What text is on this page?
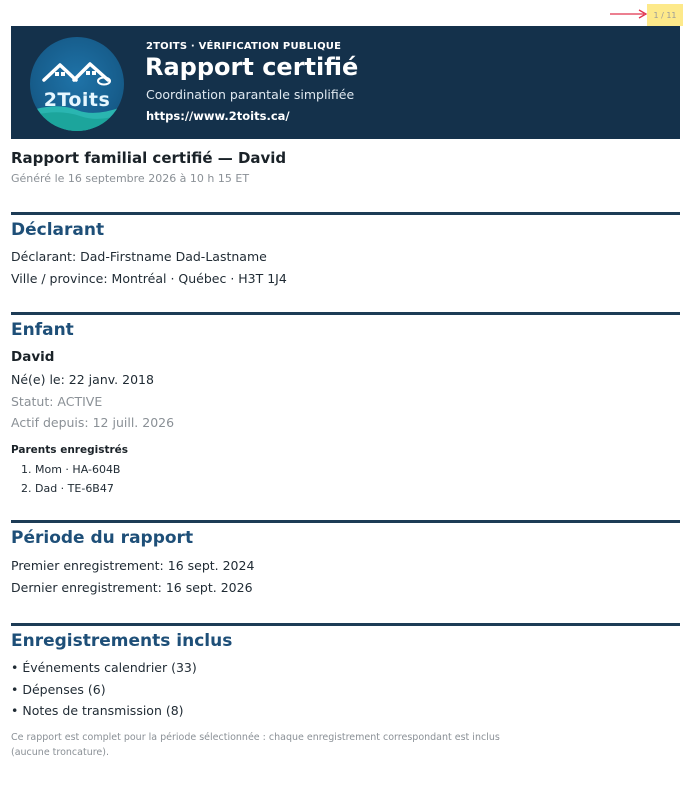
1 / 11
2Toits
2TOITS · VÉRIFICATION PUBLIQUE
Rapport certifié
Coordination parantale simplifiée
https://www.2toits.ca/
Rapport familial certifié — David
Généré le 16 septembre 2026 à 10 h 15 ET
Déclarant
Déclarant: Dad-Firstname Dad-Lastname
Ville / province: Montréal · Québec · H3T 1J4
Enfant
David
Né(e) le: 22 janv. 2018
Statut: ACTIVE
Actif depuis: 12 juill. 2026
Parents enregistrés
1. Mom · HA-604B
2. Dad · TE-6B47
Période du rapport
Premier enregistrement: 16 sept. 2024
Dernier enregistrement: 16 sept. 2026
Enregistrements inclus
• Événements calendrier (33)
• Dépenses (6)
• Notes de transmission (8)
Ce rapport est complet pour la période sélectionnée : chaque enregistrement correspondant est inclus (aucune troncature).
